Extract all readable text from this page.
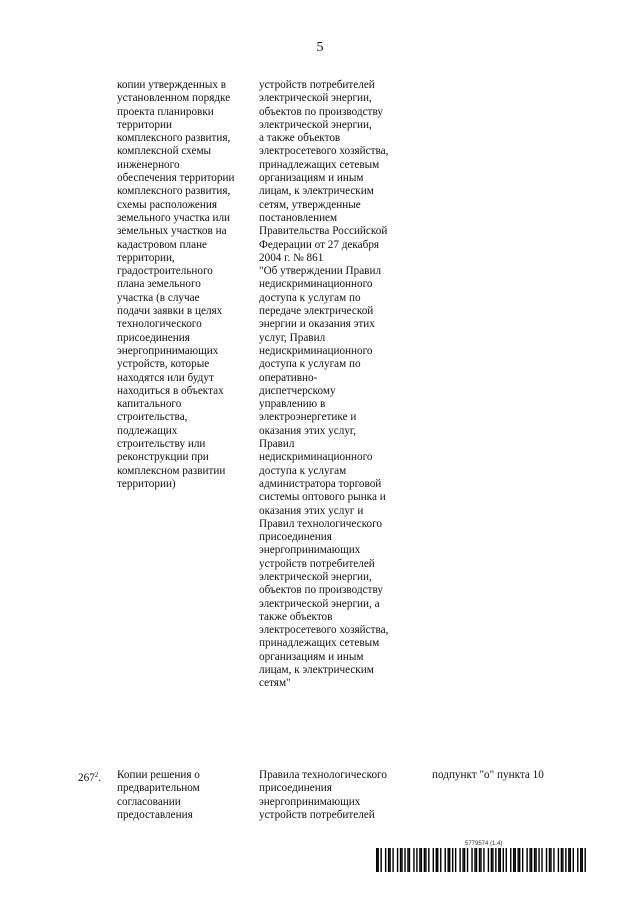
5
копии утвержденных в
установленном порядке
проекта планировки
территории
комплексного развития,
комплексной схемы
инженерного
обеспечения территории
комплексного развития,
схемы расположения
земельного участка или
земельных участков на
кадастровом плане
территории,
градостроительного
плана земельного
участка (в случае
подачи заявки в целях
технологического
присоединения
энергопринимающих
устройств, которые
находятся или будут
находиться в объектах
капитального
строительства,
подлежащих
строительству или
реконструкции при
комплексном развитии
территории)
устройств потребителей
электрической энергии,
объектов по производству
электрической энергии,
а также объектов
электросетевого хозяйства,
принадлежащих сетевым
организациям и иным
лицам, к электрическим
сетям, утвержденные
постановлением
Правительства Российской
Федерации от 27 декабря
2004 г. № 861
"Об утверждении Правил
недискриминационного
доступа к услугам по
передаче электрической
энергии и оказания этих
услуг, Правил
недискриминационного
доступа к услугам по
оперативно-
диспетчерскому
управлению в
электроэнергетике и
оказания этих услуг,
Правил
недискриминационного
доступа к услугам
администратора торговой
системы оптового рынка и
оказания этих услуг и
Правил технологического
присоединения
энергопринимающих
устройств потребителей
электрической энергии,
объектов по производству
электрической энергии, а
также объектов
электросетевого хозяйства,
принадлежащих сетевым
организациям и иным
лицам, к электрическим
сетям"
$267^2$. Копии решения о
предварительном
согласовании
предоставления
Правила технологического
присоединения
энергопринимающих
устройств потребителей
подпункт "о" пункта 10
5779574 (1.4)
